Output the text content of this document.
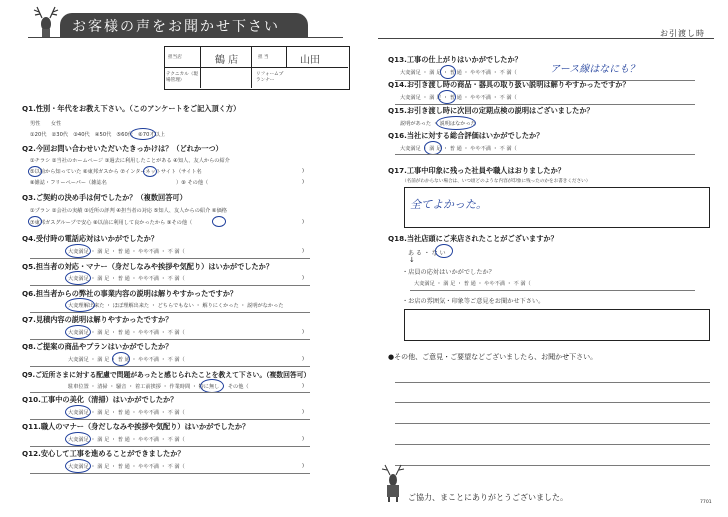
お客様の声をお聞かせ下さい
担当店	鶴 店	担 当	山田
テクニカル（現場管理）
リフォームプランナー
Q1.性別・年代をお教え下さい。（このアンケートをご記入頂く方）
男性　　女性
①20代　②30代　③40代　④50代　⑤60代　⑥70才以上
Q2.今回お問い合わせいただいたきっかけは？（どれか一つ）
①チラシ ②当社のホームページ ③過去に利用したことがある ④知人、友人からの紹介
⑤以前から知っていた ⑥東邦ガスから ⑦インターネットサイト（サイト名
⑧雑誌・フリーペーパー（雑誌名	）⑨ その他（
)
)
Q3.ご契約の決め手は何でしたか？（複数回答可）
①プラン ②会社の実績 ③近所の評判 ④担当者の対応 ⑤知人、友人からの紹介 ⑥価格
⑦東邦ガスグループで安心 ⑧以前に利用して良かったから ⑨その他（	)
Q4.受付時の電話応対はいかがでしたか？
大変満足 ・ 満 足 ・ 普 通 ・ やや不満 ・ 不 満（	)
Q5.担当者の対応・マナー（身だしなみや挨拶や気配り）はいかがでしたか？
大変満足 ・ 満 足 ・ 普 通 ・ やや不満 ・ 不 満（	)
Q6.担当者からの弊社の事業内容の説明は解りやすかったですか？
大変理解出来た ・ ほぼ理解出来た ・ どちらでもない ・ 解りにくかった ・ 説明がなかった
Q7.見積内容の説明は解りやすかったですか？
大変満足 ・ 満 足 ・ 普 通 ・ やや不満 ・ 不 満（	)
Q8.ご提案の商品やプランはいかがでしたか？
大変満足 ・ 満 足 ・ 普 通 ・ やや不満 ・ 不 満（	)
Q9.ご近所さまに対する配慮で問題があったと感じられたことを教えて下さい。（複数回答可）
駐車位置 ・ 清掃 ・ 騒音 ・ 着工前挨拶 ・ 作業時間 ・ 特に無し ・ その他（	)
Q10.工事中の美化（清掃）はいかがでしたか？
大変満足 ・ 満 足 ・ 普 通 ・ やや不満 ・ 不 満（	)
Q11.職人のマナー（身だしなみや挨拶や気配り）はいかがでしたか？
大変満足 ・ 満 足 ・ 普 通 ・ やや不満 ・ 不 満（	)
Q12.安心して工事を進めることができましたか？
大変満足 ・ 満 足 ・ 普 通 ・ やや不満 ・ 不 満（	)
お引渡し時
Q13.工事の仕上がりはいかがでしたか？
大変満足 ・ 満 足 ・ 普 通 ・ やや不満 ・ 不 満（	アース線はなにも？
Q14.お引き渡し時の商品・器具の取り扱い説明は解りやすかったですか？
大変満足 ・ 満 足 ・ 普 通 ・ やや不満 ・ 不 満（
Q15.お引き渡し時に次回の定期点検の説明はございましたか？
説明があった ・ 説明はなかった
Q16.当社に対する総合評価はいかがでしたか？
大変満足 ・ 満 足 ・ 普 通 ・ やや不満 ・ 不 満（
Q17.工事中印象に残った社員や職人はおりましたか？
（名前がわからない場合は、いつ頃どのような内容が印象に残ったのかをお書きください）
全てよかった。
Q18.当社店頭にご来店されたことがございますか？
あ る ・ な い
↓
・店員の応対はいかがでしたか？
大変満足 ・ 満 足 ・ 普 通 ・ やや不満 ・ 不 満（
・お店の雰囲気・印象等ご意見をお聞かせ下さい。
●その他、ご意見・ご要望などございましたら、お聞かせ下さい。
ご協力、まことにありがとうございました。
7701
